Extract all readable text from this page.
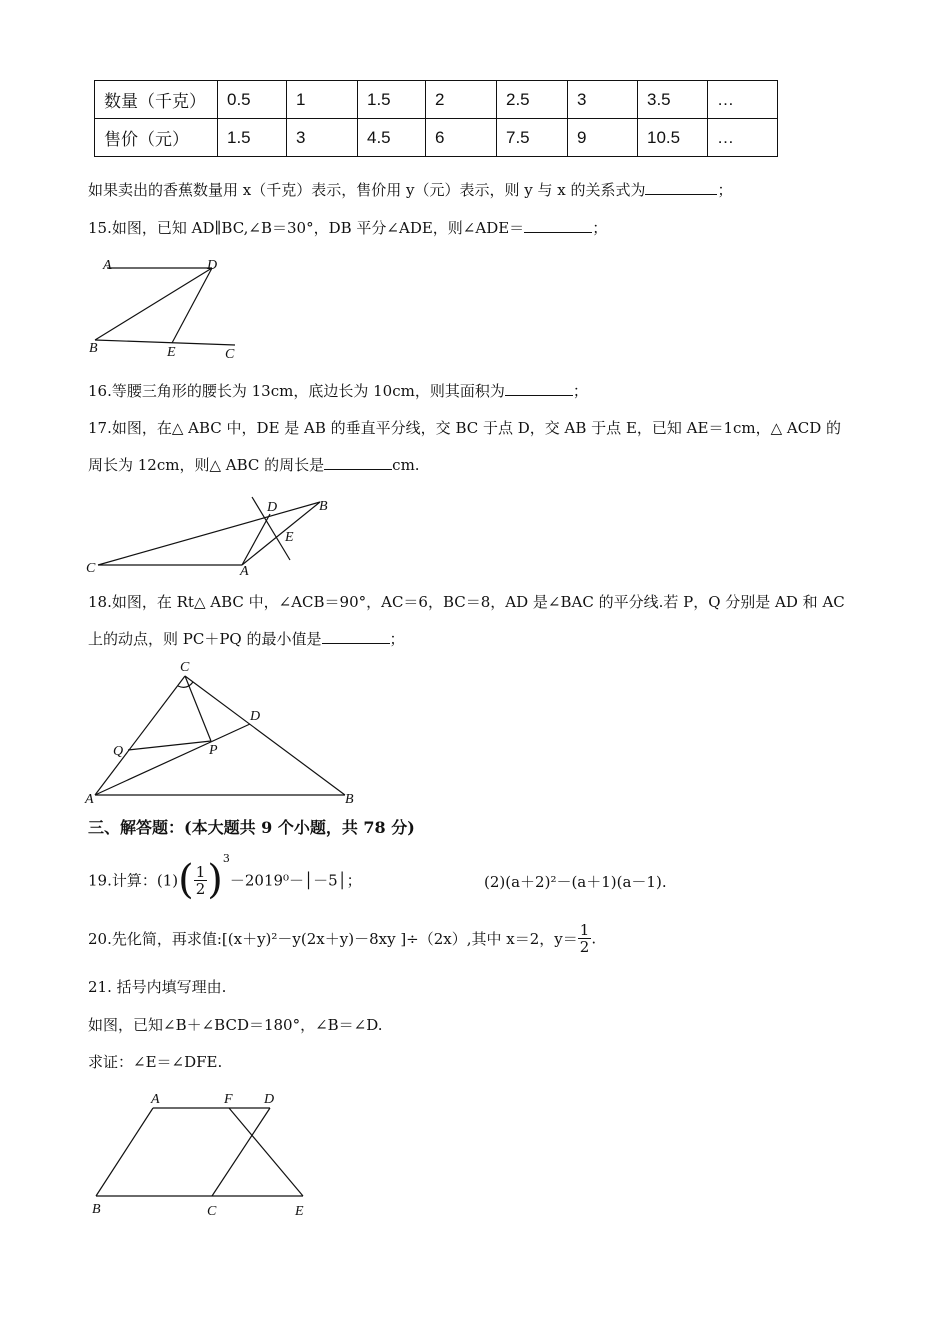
数量（千克）	0.5	1	1.5	2	2.5	3	3.5	…
售价（元）	1.5	3	4.5	6	7.5	9	10.5	…
如果卖出的香蕉数量用 x（千克）表示，售价用 y（元）表示，则 y 与 x 的关系式为	；
15.如图，已知 AD∥BC,∠B＝30°，DB 平分∠ADE，则∠ADE＝	；
A	D
B	E	C
16.等腰三角形的腰长为 13cm，底边长为 10cm，则其面积为	；
17.如图，在△ ABC 中，DE 是 AB 的垂直平分线，交 BC 于点 D，交 AB 于点 E，已知 AE＝1cm，△ ACD 的
周长为 12cm，则△ ABC 的周长是	cm.
D	B
E
C	A
18.如图，在 Rt△ ABC 中，∠ACB＝90°，AC＝6，BC＝8，AD 是∠BAC 的平分线.若 P，Q 分别是 AD 和 AC
上的动点，则 PC＋PQ 的最小值是	；
C
D
Q	P
A	B
三、解答题：(本大题共 9 个小题，共 78 分)
19.计算：$(1)( \frac{1}{2}$ )$^3-2019^0-│-5│$；	(2)(a＋2)²－(a＋1)(a－1).
20.先化简，再求值:[(x＋y)²－y(2x＋y)－8xy ]÷（2x）,其中 x＝2，$y= \frac{1}{2}$ .
21. 括号内填写理由.
如图，已知∠B＋∠BCD＝180°，∠B＝∠D.
求证：∠E＝∠DFE.
A	F D
B	C	E
